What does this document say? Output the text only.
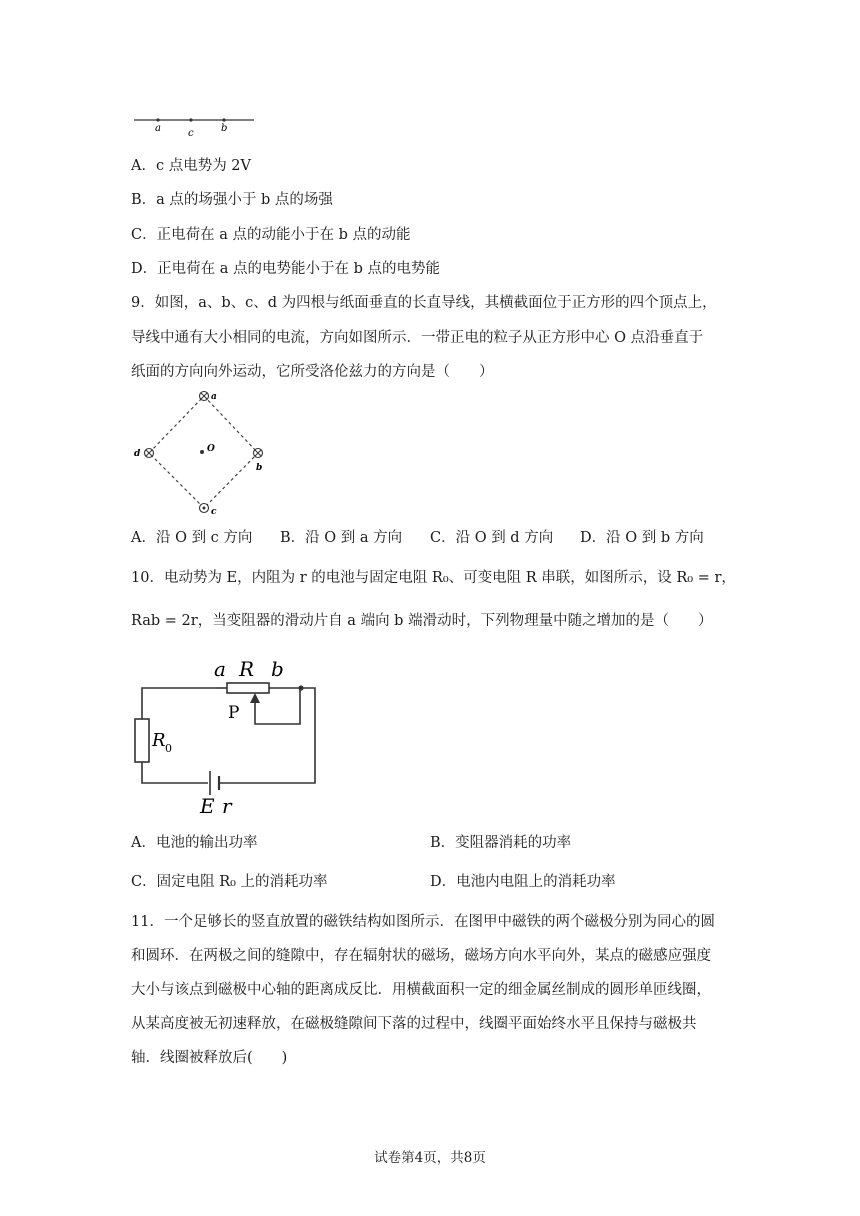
a	c	b
A．c 点电势为 2V
B．a 点的场强小于 b 点的场强
C．正电荷在 a 点的动能小于在 b 点的动能
D．正电荷在 a 点的电势能小于在 b 点的电势能
9．如图，a、b、c、d 为四根与纸面垂直的长直导线，其横截面位于正方形的四个顶点上，
导线中通有大小相同的电流，方向如图所示．一带正电的粒子从正方形中心 O 点沿垂直于
纸面的方向向外运动，它所受洛伦兹力的方向是（　　）
a
b
c
d	O
A．沿 O 到 c 方向 B．沿 O 到 a 方向 C．沿 O 到 d 方向 D．沿 O 到 b 方向
10．电动势为 E，内阻为 r 的电池与固定电阻 R₀、可变电阻 R 串联，如图所示，设 R₀ = r，
Rab = 2r，当变阻器的滑动片自 a 端向 b 端滑动时，下列物理量中随之增加的是（　　）
a R b
P
R 0
E r
A．电池的输出功率	B．变阻器消耗的功率
C．固定电阻 R₀ 上的消耗功率	D．电池内电阻上的消耗功率
11．一个足够长的竖直放置的磁铁结构如图所示．在图甲中磁铁的两个磁极分别为同心的圆
和圆环．在两极之间的缝隙中，存在辐射状的磁场，磁场方向水平向外，某点的磁感应强度
大小与该点到磁极中心轴的距离成反比．用横截面积一定的细金属丝制成的圆形单匝线圈，
从某高度被无初速释放，在磁极缝隙间下落的过程中，线圈平面始终水平且保持与磁极共
轴．线圈被释放后(　　)
试卷第4页，共8页
